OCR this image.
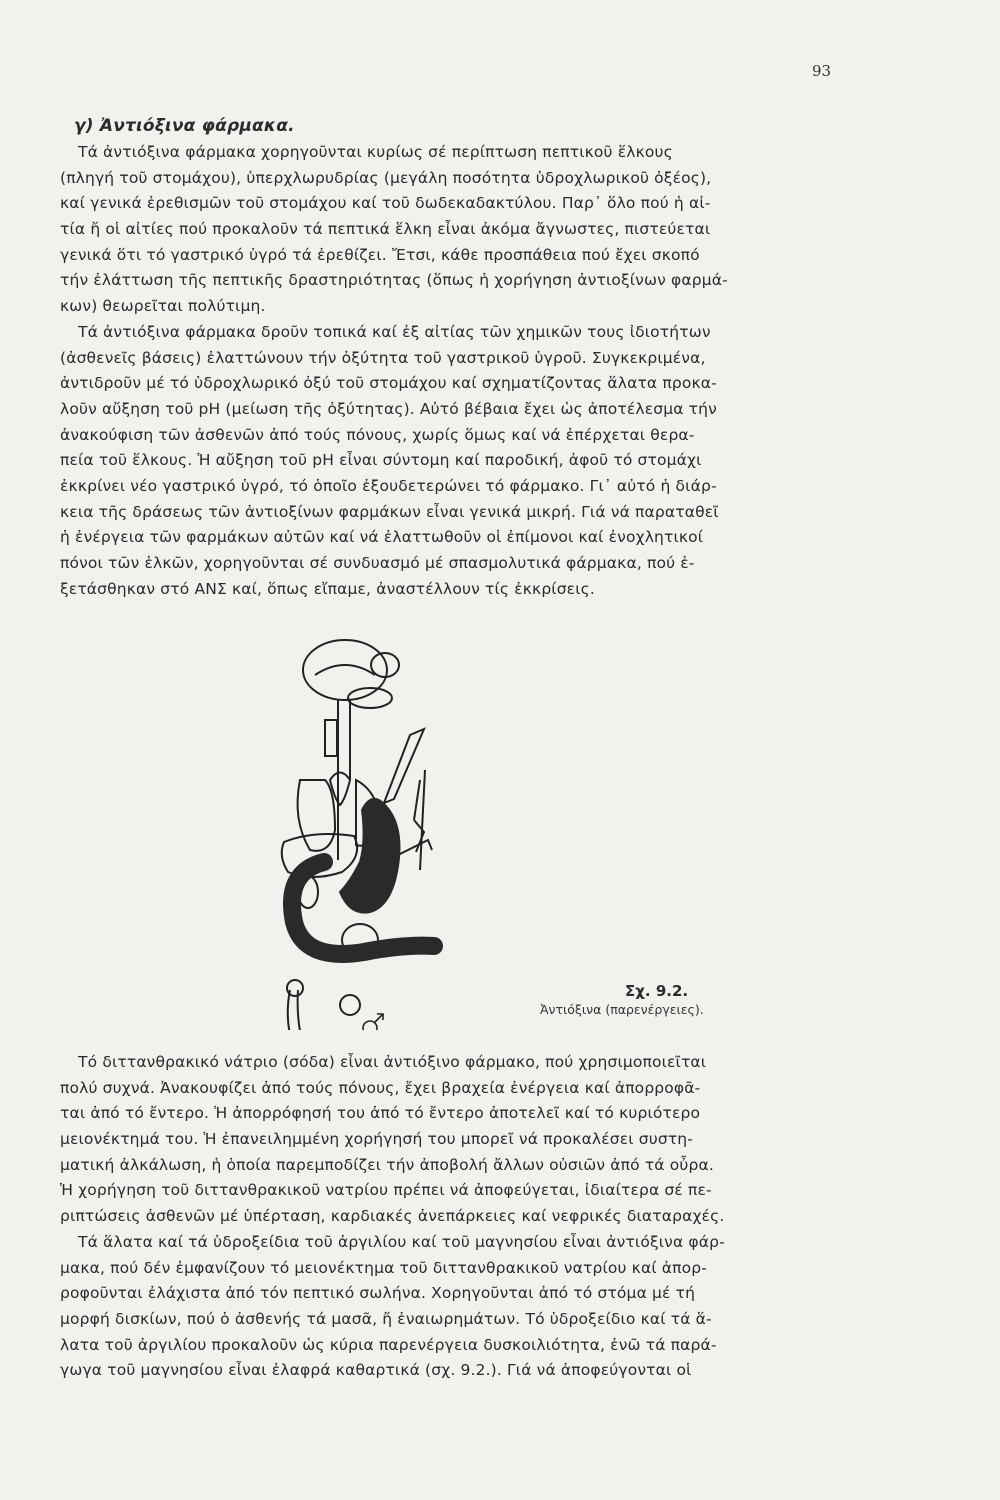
93
γ) Ἀντιόξινα φάρμακα.
Τά ἀντιόξινα φάρμακα χορηγοῦνται κυρίως σέ περίπτωση πεπτικοῦ ἕλκους
(πληγή τοῦ στομάχου), ὑπερχλωρυδρίας (μεγάλη ποσότητα ὑδροχλωρικοῦ ὀξέος),
καί γενικά ἐρεθισμῶν τοῦ στομάχου καί τοῦ δωδεκαδακτύλου. Παρ᾽ ὅλο πού ἡ αἰ-
τία ἤ οἱ αἰτίες πού προκαλοῦν τά πεπτικά ἕλκη εἶναι ἀκόμα ἄγνωστες, πιστεύεται
γενικά ὅτι τό γαστρικό ὑγρό τά ἐρεθίζει. Ἔτσι, κάθε προσπάθεια πού ἔχει σκοπό
τήν ἐλάττωση τῆς πεπτικῆς δραστηριότητας (ὅπως ἡ χορήγηση ἀντιοξίνων φαρμά-
κων) θεωρεῖται πολύτιμη.
Τά ἀντιόξινα φάρμακα δροῦν τοπικά καί ἐξ αἰτίας τῶν χημικῶν τους ἰδιοτήτων
(ἀσθενεῖς βάσεις) ἐλαττώνουν τήν ὀξύτητα τοῦ γαστρικοῦ ὑγροῦ. Συγκεκριμένα,
ἀντιδροῦν μέ τό ὑδροχλωρικό ὀξύ τοῦ στομάχου καί σχηματίζοντας ἅλατα προκα-
λοῦν αὔξηση τοῦ pH (μείωση τῆς ὀξύτητας). Αὐτό βέβαια ἔχει ὡς ἀποτέλεσμα τήν
ἀνακούφιση τῶν ἀσθενῶν ἀπό τούς πόνους, χωρίς ὅμως καί νά ἐπέρχεται θερα-
πεία τοῦ ἕλκους. Ἡ αὔξηση τοῦ pH εἶναι σύντομη καί παροδική, ἀφοῦ τό στομάχι
ἐκκρίνει νέο γαστρικό ὑγρό, τό ὁποῖο ἐξουδετερώνει τό φάρμακο. Γι᾽ αὐτό ἡ διάρ-
κεια τῆς δράσεως τῶν ἀντιοξίνων φαρμάκων εἶναι γενικά μικρή. Γιά νά παραταθεῖ
ἡ ἐνέργεια τῶν φαρμάκων αὐτῶν καί νά ἐλαττωθοῦν οἱ ἐπίμονοι καί ἐνοχλητικοί
πόνοι τῶν ἑλκῶν, χορηγοῦνται σέ συνδυασμό μέ σπασμολυτικά φάρμακα, πού ἐ-
ξετάσθηκαν στό ΑΝΣ καί, ὅπως εἴπαμε, ἀναστέλλουν τίς ἐκκρίσεις.
Σχ. 9.2.
Ἀντιόξινα (παρενέργειες).
Τό διττανθρακικό νάτριο (σόδα) εἶναι ἀντιόξινο φάρμακο, πού χρησιμοποιεῖται
πολύ συχνά. Ἀνακουφίζει ἀπό τούς πόνους, ἔχει βραχεία ἐνέργεια καί ἀπορροφᾶ-
ται ἀπό τό ἔντερο. Ἡ ἀπορρόφησή του ἀπό τό ἔντερο ἀποτελεῖ καί τό κυριότερο
μειονέκτημά του. Ἡ ἐπανειλημμένη χορήγησή του μπορεῖ νά προκαλέσει συστη-
ματική ἀλκάλωση, ἡ ὁποία παρεμποδίζει τήν ἀποβολή ἄλλων οὐσιῶν ἀπό τά οὖρα.
Ἡ χορήγηση τοῦ διττανθρακικοῦ νατρίου πρέπει νά ἀποφεύγεται, ἰδιαίτερα σέ πε-
ριπτώσεις ἀσθενῶν μέ ὑπέρταση, καρδιακές ἀνεπάρκειες καί νεφρικές διαταραχές.
Τά ἅλατα καί τά ὑδροξείδια τοῦ ἀργιλίου καί τοῦ μαγνησίου εἶναι ἀντιόξινα φάρ-
μακα, πού δέν ἐμφανίζουν τό μειονέκτημα τοῦ διττανθρακικοῦ νατρίου καί ἀπορ-
ροφοῦνται ἐλάχιστα ἀπό τόν πεπτικό σωλήνα. Χορηγοῦνται ἀπό τό στόμα μέ τή
μορφή δισκίων, πού ὁ ἀσθενής τά μασᾶ, ἤ ἐναιωρημάτων. Τό ὑδροξείδιο καί τά ἅ-
λατα τοῦ ἀργιλίου προκαλοῦν ὡς κύρια παρενέργεια δυσκοιλιότητα, ἐνῶ τά παρά-
γωγα τοῦ μαγνησίου εἶναι ἐλαφρά καθαρτικά (σχ. 9.2.). Γιά νά ἀποφεύγονται οἱ
